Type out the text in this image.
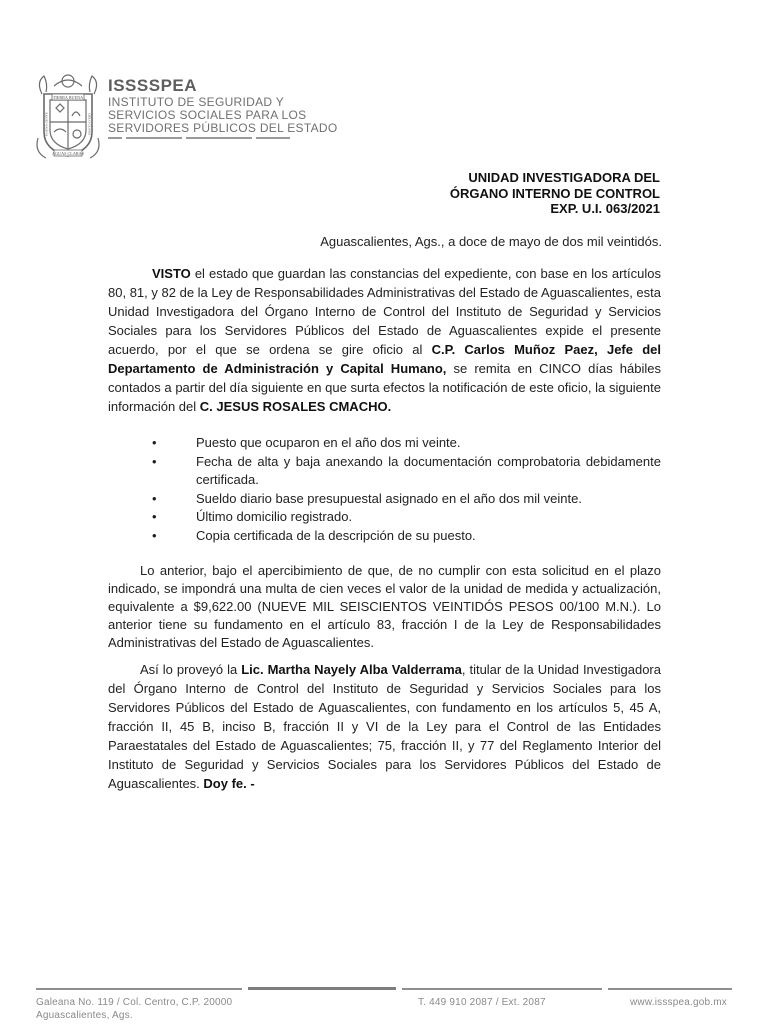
TIERRA BUENA
BUENA GENTE	CIELO CLARO
AGUAS CLARAS

ISSSSPEA

INSTITUTO DE SEGURIDAD Y

SERVICIOS SOCIALES PARA LOS

SERVIDORES PÚBLICOS DEL ESTADO

UNIDAD INVESTIGADORA DEL
ÓRGANO INTERNO DE CONTROL
EXP. U.I. 063/2021
Aguascalientes, Ags., a doce de mayo de dos mil veintidós.

VISTO el estado que guardan las constancias del expediente, con base en los artículos 80, 81, y 82 de la Ley de Responsabilidades Administrativas del Estado de Aguascalientes, esta Unidad Investigadora del Órgano Interno de Control del Instituto de Seguridad y Servicios Sociales para los Servidores Públicos del Estado de Aguascalientes expide el presente acuerdo, por el que se ordena se gire oficio al C.P. Carlos Muñoz Paez, Jefe del Departamento de Administración y Capital Humano, se remita en CINCO días hábiles contados a partir del día siguiente en que surta efectos la notificación de este oficio, la siguiente información del C. JESUS ROSALES CMACHO.

•	Puesto que ocuparon en el año dos mi veinte.
•	Fecha de alta y baja anexando la documentación comprobatoria debidamente certificada.
•	Sueldo diario base presupuestal asignado en el año dos mil veinte.
•	Último domicilio registrado.
•	Copia certificada de la descripción de su puesto.

Lo anterior, bajo el apercibimiento de que, de no cumplir con esta solicitud en el plazo indicado, se impondrá una multa de cien veces el valor de la unidad de medida y actualización, equivalente a $9,622.00 (NUEVE MIL SEISCIENTOS VEINTIDÓS PESOS 00/100 M.N.). Lo anterior tiene su fundamento en el artículo 83, fracción I de la Ley de Responsabilidades Administrativas del Estado de Aguascalientes.

Así lo proveyó la Lic. Martha Nayely Alba Valderrama, titular de la Unidad Investigadora del Órgano Interno de Control del Instituto de Seguridad y Servicios Sociales para los Servidores Públicos del Estado de Aguascalientes, con fundamento en los artículos 5, 45 A, fracción II, 45 B, inciso B, fracción II y VI de la Ley para el Control de las Entidades Paraestatales del Estado de Aguascalientes; 75, fracción II, y 77 del Reglamento Interior del Instituto de Seguridad y Servicios Sociales para los Servidores Públicos del Estado de Aguascalientes. Doy fe. -

Galeana No. 119 / Col. Centro, C.P. 20000

Aguascalientes, Ags.

T. 449 910 2087 / Ext. 2087	www.issspea.gob.mx
